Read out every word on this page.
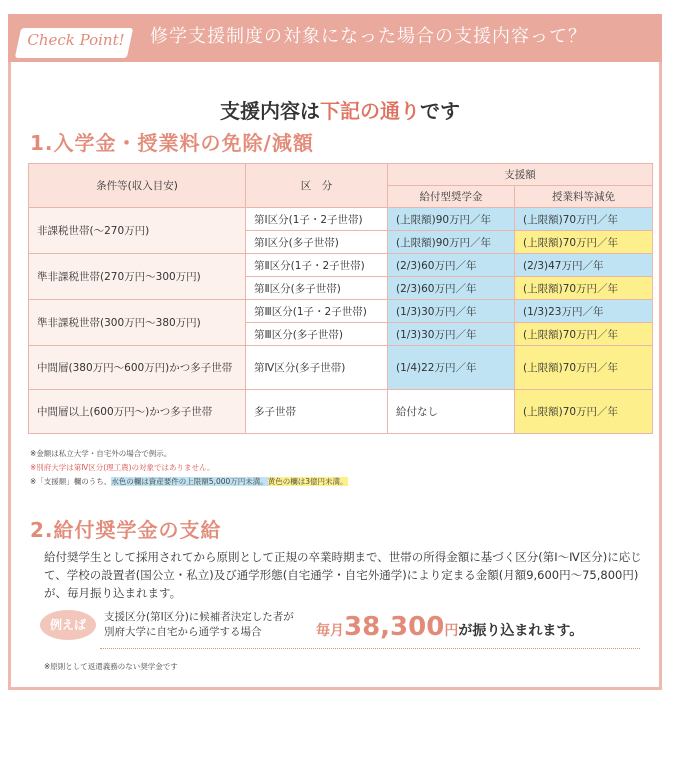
Check Point! 修学支援制度の対象になった場合の支援内容って？
支援内容は下記の通りです
1.入学金・授業料の免除/減額
条件等(収入目安)	区　分	支援額	
		給付型奨学金	授業料等減免
非課税世帯(～270万円)	第Ⅰ区分(1子・2子世帯)	(上限額)90万円／年	(上限額)70万円／年
	第Ⅰ区分(多子世帯)	(上限額)90万円／年	(上限額)70万円／年
準非課税世帯(270万円～300万円)	第Ⅱ区分(1子・2子世帯)	(2/3)60万円／年	(2/3)47万円／年
	第Ⅱ区分(多子世帯)	(2/3)60万円／年	(上限額)70万円／年
準非課税世帯(300万円～380万円)	第Ⅲ区分(1子・2子世帯)	(1/3)30万円／年	(1/3)23万円／年
	第Ⅲ区分(多子世帯)	(1/3)30万円／年	(上限額)70万円／年
中間層(380万円～600万円)かつ多子世帯	第Ⅳ区分(多子世帯)	(1/4)22万円／年	(上限額)70万円／年
中間層以上(600万円～)かつ多子世帯	多子世帯	給付なし	(上限額)70万円／年
※金額は私立大学・自宅外の場合で例示。
※別府大学は第Ⅳ区分(理工農)の対象ではありません。
※「支援額」欄のうち、水色の欄は資産要件の上限額5,000万円未満。黄色の欄は3億円未満。
2.給付奨学金の支給
給付奨学生として採用されてから原則として正規の卒業時期まで、世帯の所得金額に基づく区分(第Ⅰ～Ⅳ区分)に応じて、学校の設置者(国公立・私立)及び通学形態(自宅通学・自宅外通学)により定まる金額(月額9,600円～75,800円)が、毎月振り込まれます。
例えば
支援区分(第Ⅰ区分)に候補者決定した者が
別府大学に自宅から通学する場合	毎月38,300円が振り込まれます。
※原則として返還義務のない奨学金です
